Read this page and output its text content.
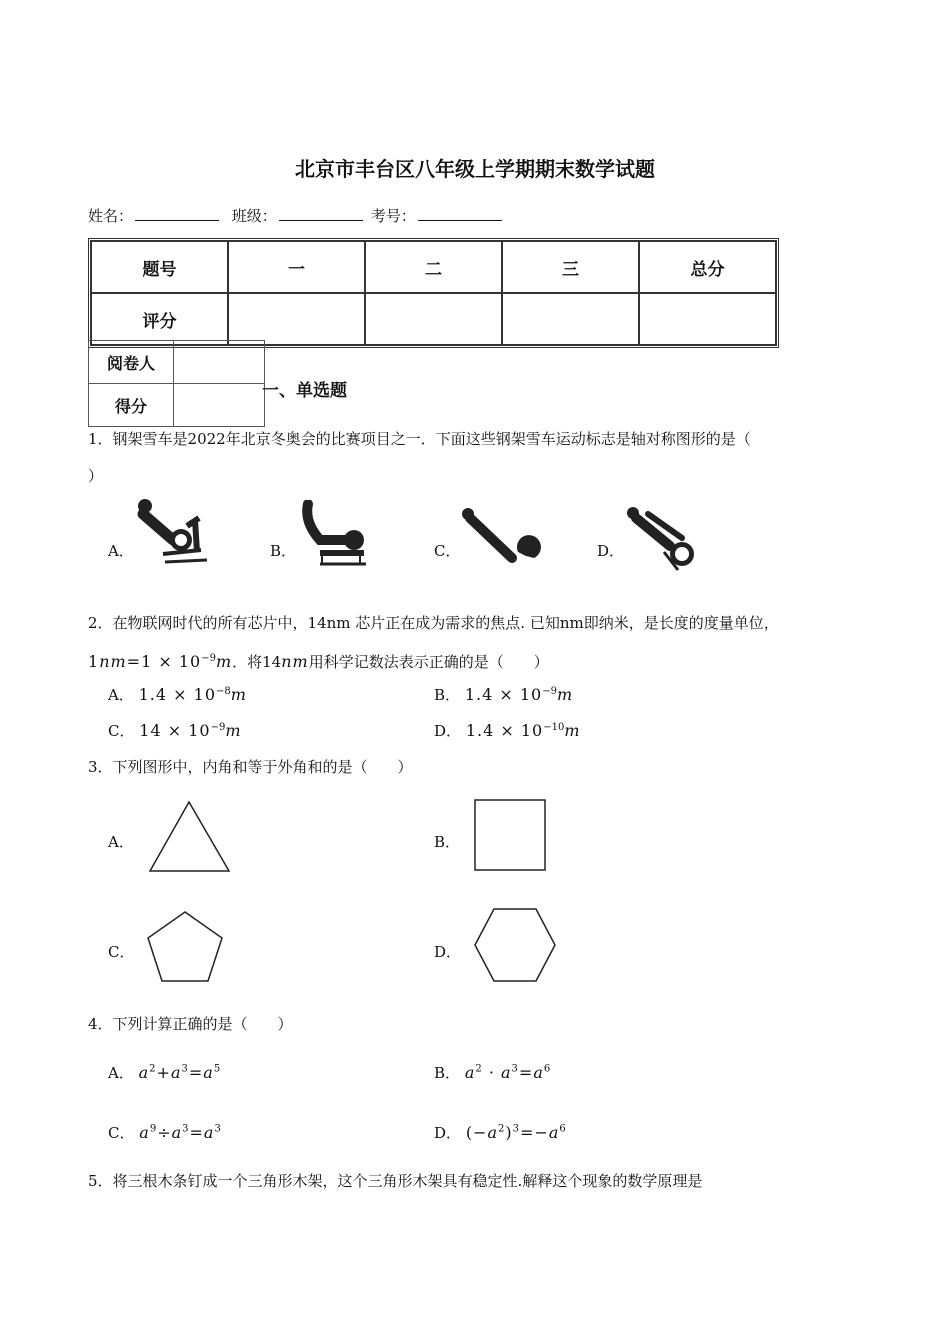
北京市丰台区八年级上学期期末数学试题
姓名：	班级：	考号：
题号	一	二	三	总分
评分				
阅卷人	
得分	
一、单选题
1．钢架雪车是2022年北京冬奥会的比赛项目之一．下面这些钢架雪车运动标志是轴对称图形的是（
）
A．	B．	C．	D．
2．在物联网时代的所有芯片中，14nm 芯片正在成为需求的焦点. 已知nm即纳米，是长度的度量单位，
$1nm=1 \times 10^{-9}m$．将14nm用科学记数法表示正确的是（　　）
A． $1.4 \times 10^{-8}m$	B． $1.4 \times 10^{-9}m$
C． $14 \times 10^{-9}m$	D． $1.4 \times 10^{-10}m$
3．下列图形中，内角和等于外角和的是（　　）
A．	B．
C．	D．
4．下列计算正确的是（　　）
A． $a^2+a^3=a^5$	B． $a^2 \cdot a^3=a^6$
C． $a^9\div a^3=a^3$	D． $(-a^2)^3=-a^6$
5．将三根木条钉成一个三角形木架，这个三角形木架具有稳定性.解释这个现象的数学原理是
